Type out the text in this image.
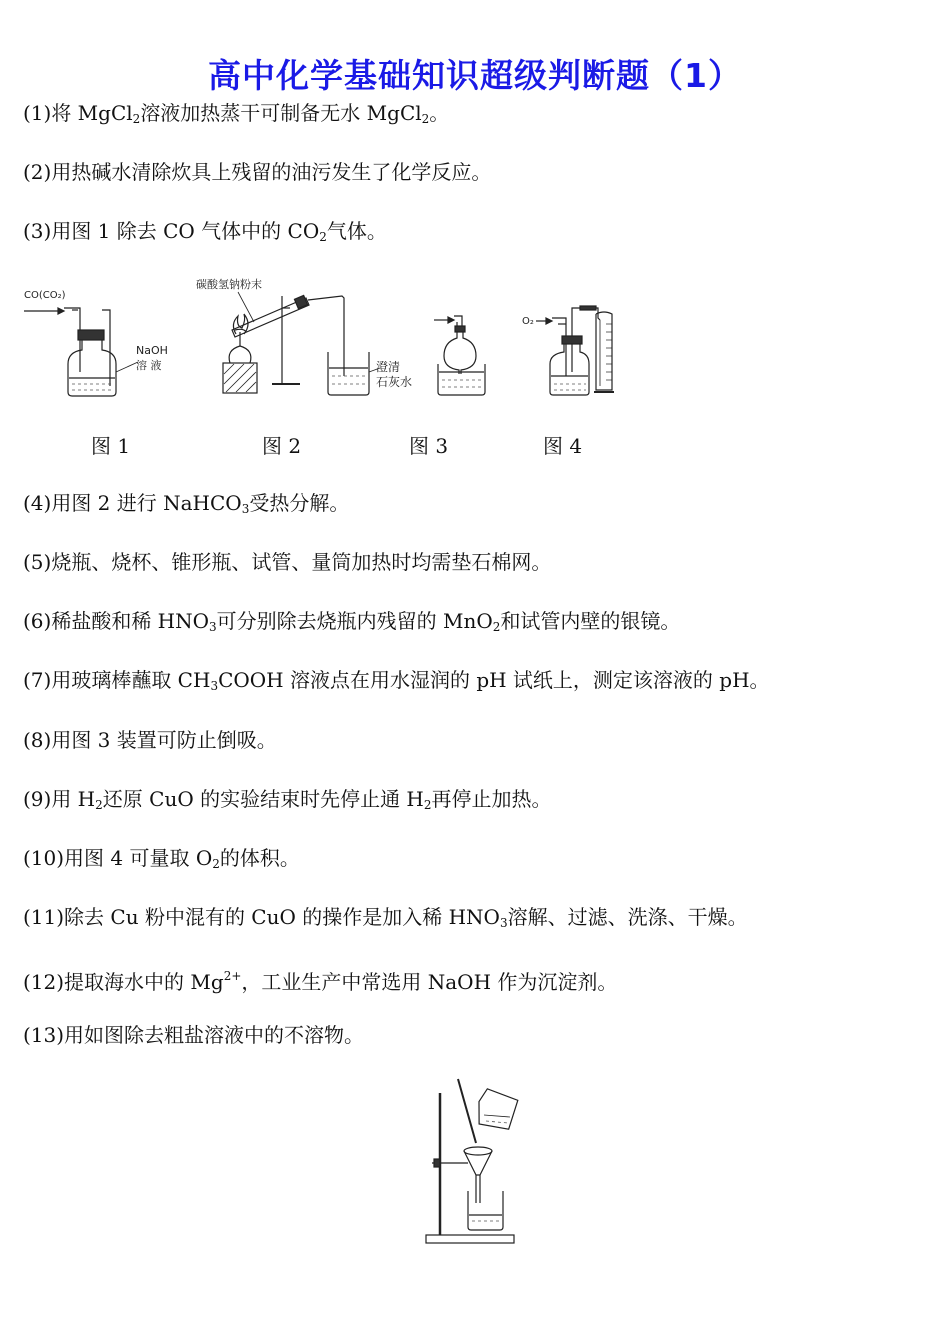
高中化学基础知识超级判断题（1）
(1)将 MgCl$_2$溶液加热蒸干可制备无水 MgCl$_2$。
(2)用热碱水清除炊具上残留的油污发生了化学反应。
(3)用图 1 除去 CO 气体中的 $CO_2$气体。
CO(CO₂)
NaOH
溶 液
碳酸氢钠粉末
澄清
石灰水
O₂
图 1	图 2	图 3	图 4
(4)用图 2 进行 NaHCO$_3$受热分解。
(5)烧瓶、烧杯、锥形瓶、试管、量筒加热时均需垫石棉网。
(6)稀盐酸和稀 $HNO_3$可分别除去烧瓶内残留的 MnO$_2$和试管内壁的银镜。
(7)用玻璃棒蘸取 $CH_3COOH$ 溶液点在用水湿润的 pH 试纸上，测定该溶液的 pH。
(8)用图 3 装置可防止倒吸。
(9)用 $H_2$还原 CuO 的实验结束时先停止通 $H_2$再停止加热。
(10)用图 4 可量取 $O_2$的体积。
(11)除去 Cu 粉中混有的 CuO 的操作是加入稀 $HNO_3$溶解、过滤、洗涤、干燥。
(12)提取海水中的 $Mg^{2+}$，工业生产中常选用 NaOH 作为沉淀剂。
(13)用如图除去粗盐溶液中的不溶物。
